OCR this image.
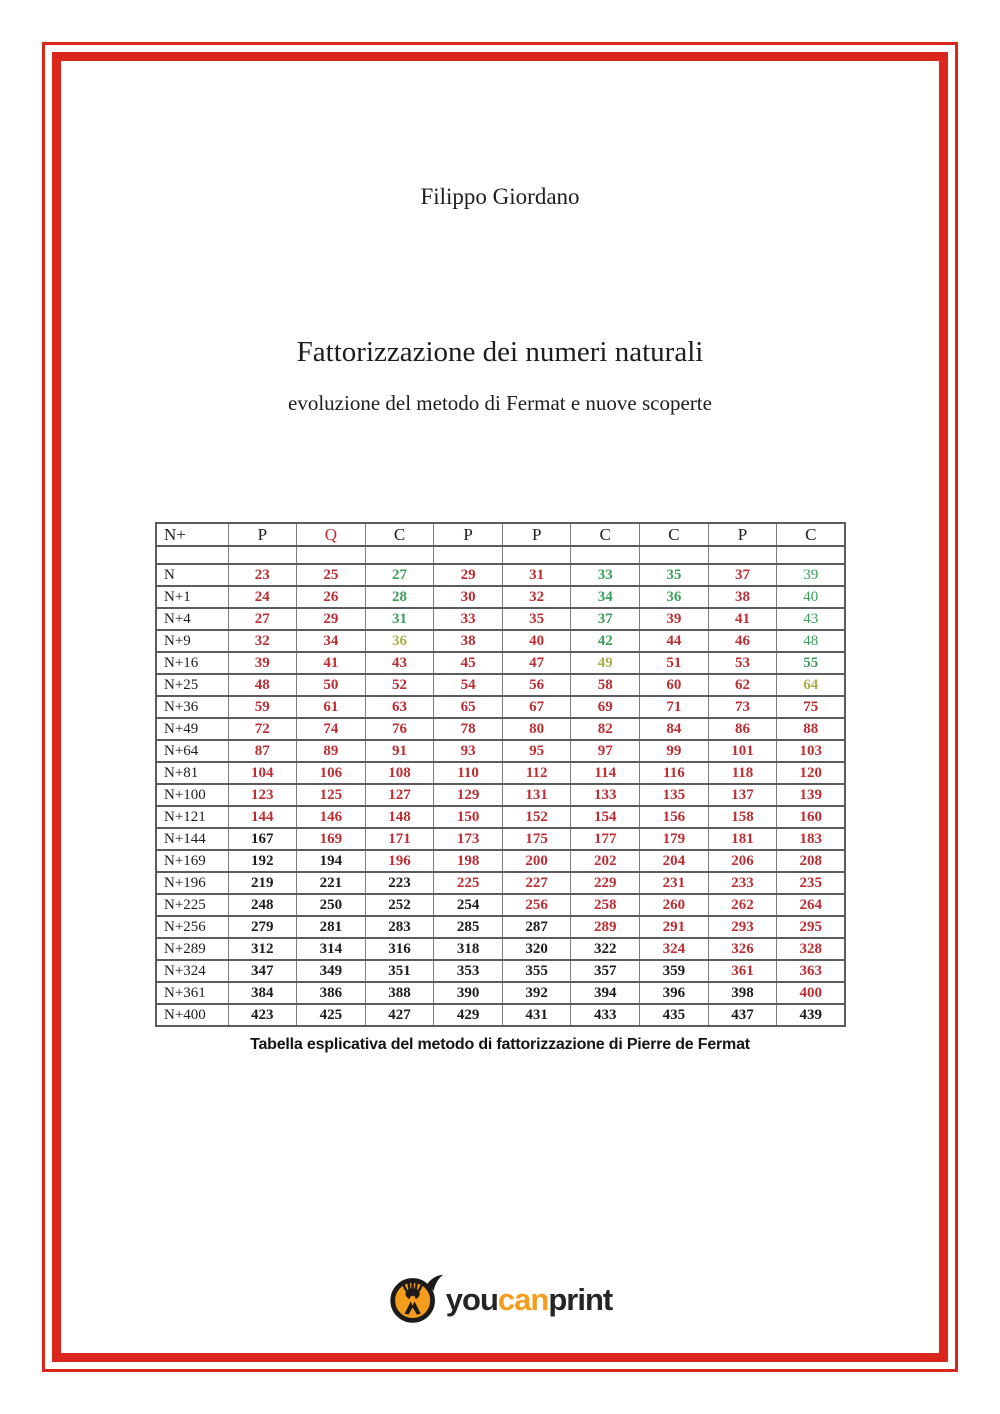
Filippo Giordano
Fattorizzazione dei numeri naturali
evoluzione del metodo di Fermat e nuove scoperte
N+	P	Q	C	P	P	C	C	P	C

N	23	25	27	29	31	33	35	37	39
N+1	24	26	28	30	32	34	36	38	40
N+4	27	29	31	33	35	37	39	41	43
N+9	32	34	36	38	40	42	44	46	48
N+16	39	41	43	45	47	49	51	53	55
N+25	48	50	52	54	56	58	60	62	64
N+36	59	61	63	65	67	69	71	73	75
N+49	72	74	76	78	80	82	84	86	88
N+64	87	89	91	93	95	97	99	101	103
N+81	104	106	108	110	112	114	116	118	120
N+100	123	125	127	129	131	133	135	137	139
N+121	144	146	148	150	152	154	156	158	160
N+144	167	169	171	173	175	177	179	181	183
N+169	192	194	196	198	200	202	204	206	208
N+196	219	221	223	225	227	229	231	233	235
N+225	248	250	252	254	256	258	260	262	264
N+256	279	281	283	285	287	289	291	293	295
N+289	312	314	316	318	320	322	324	326	328
N+324	347	349	351	353	355	357	359	361	363
N+361	384	386	388	390	392	394	396	398	400
N+400	423	425	427	429	431	433	435	437	439
Tabella esplicativa del metodo di fattorizzazione di Pierre de Fermat
youcanprint
